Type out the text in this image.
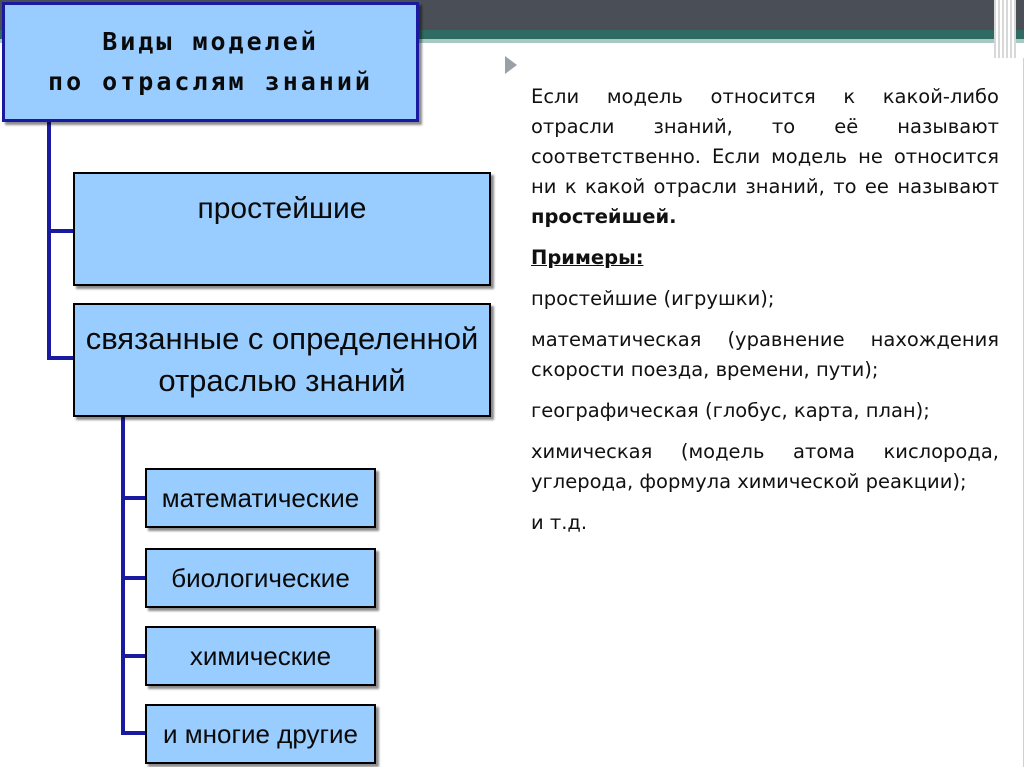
Виды моделей
по отраслям знаний
простейшие
связанные с определенной
отраслью знаний
математические
биологические
химические
и многие другие

Если модель относится к какой-либо отрасли знаний, то её называют соответственно. Если модель не относится ни к какой отрасли знаний, то ее называют простейшей.

Примеры:

простейшие (игрушки);

математическая (уравнение нахождения скорости поезда, времени, пути);

географическая (глобус, карта, план);

химическая (модель атома кислорода, углерода, формула химической реакции);

и т.д.
